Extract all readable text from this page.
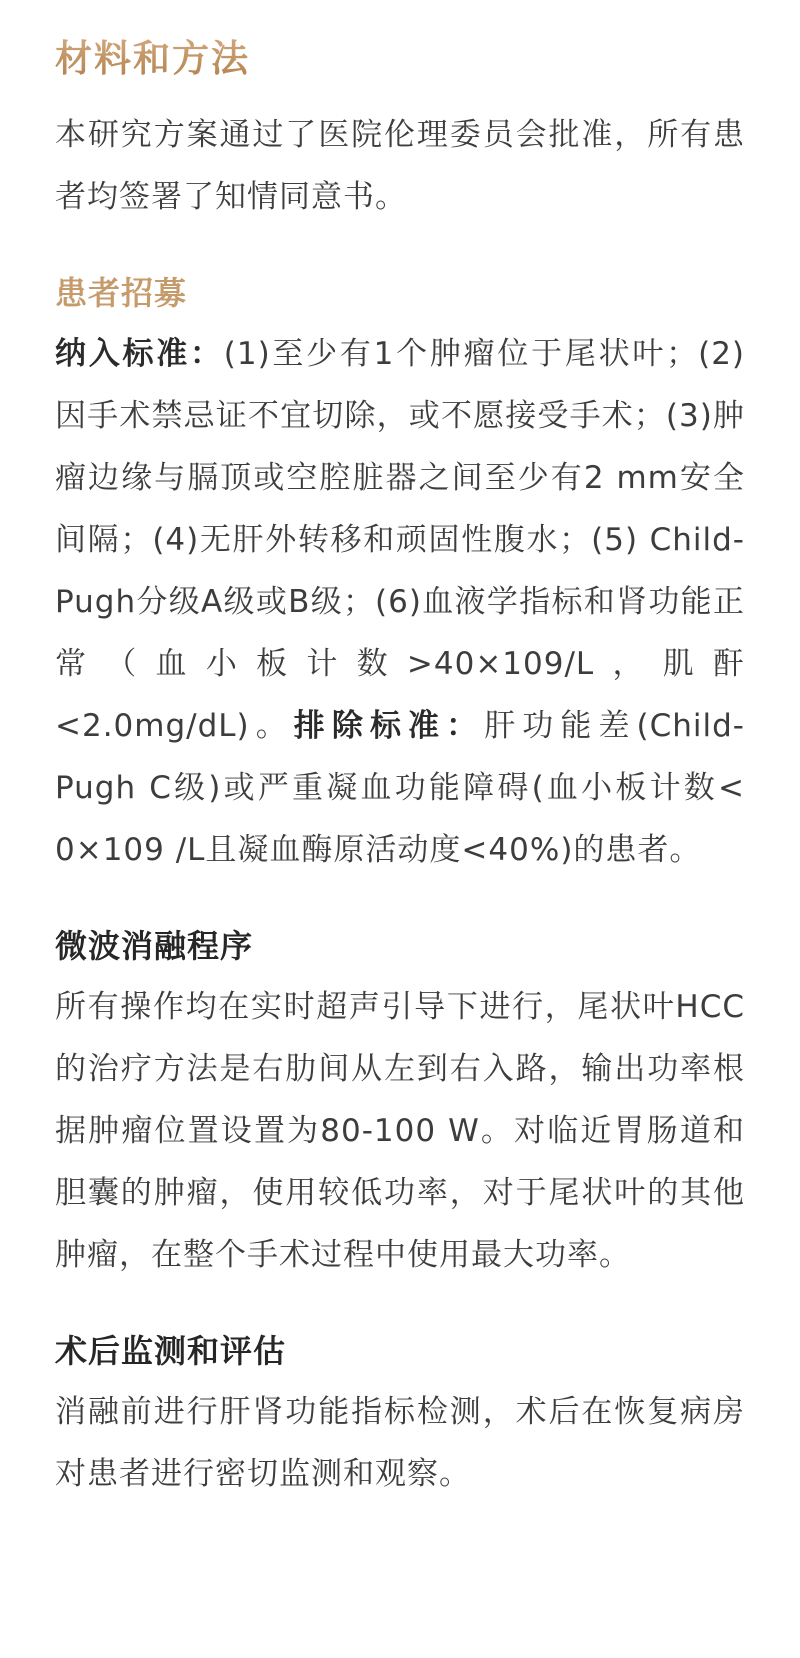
材料和方法

本研究方案通过了医院伦理委员会批准，所有患者均签署了知情同意书。

患者招募

纳入标准：(1)至少有1个肿瘤位于尾状叶；(2)因手术禁忌证不宜切除，或不愿接受手术；(3)肿瘤边缘与膈顶或空腔脏器之间至少有2 mm安全间隔；(4)无肝外转移和顽固性腹水；(5) Child-Pugh分级A级或B级；(6)血液学指标和肾功能正常（血小板计数>40×109/L，肌酐<2.0mg/dL)。排除标准：肝功能差(Child-Pugh C级)或严重凝血功能障碍(血小板计数< 0×109 /L且凝血酶原活动度<40%)的患者。

微波消融程序

所有操作均在实时超声引导下进行，尾状叶HCC的治疗方法是右肋间从左到右入路，输出功率根据肿瘤位置设置为80-100 W。对临近胃肠道和胆囊的肿瘤，使用较低功率，对于尾状叶的其他肿瘤，在整个手术过程中使用最大功率。

术后监测和评估

消融前进行肝肾功能指标检测，术后在恢复病房对患者进行密切监测和观察。
